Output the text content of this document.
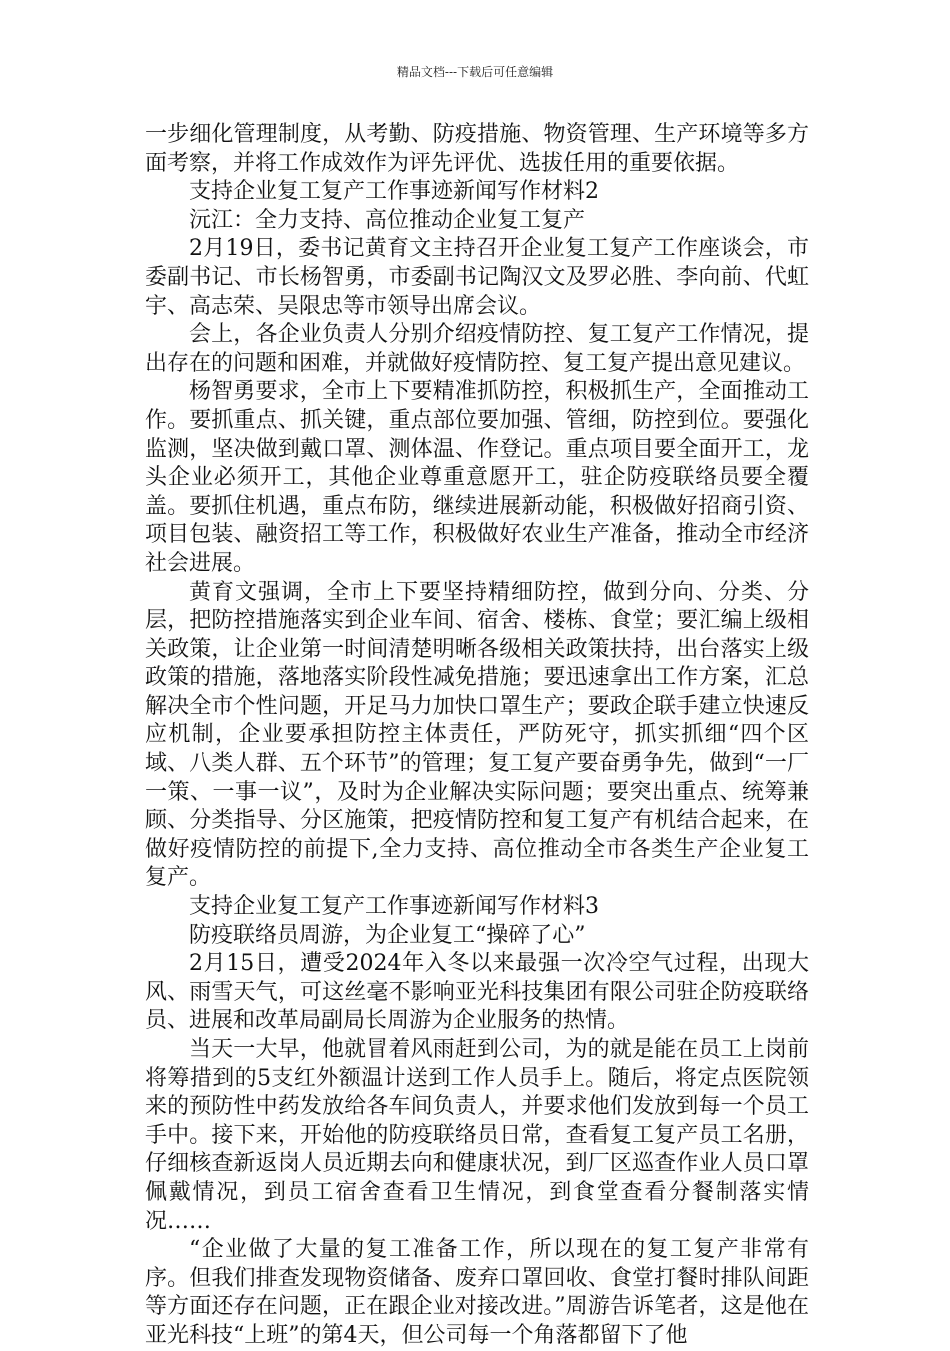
精品文档---下载后可任意编辑

一步细化管理制度，从考勤、防疫措施、物资管理、生产环境等多方面考察，并将工作成效作为评先评优、选拔任用的重要依据。

支持企业复工复产工作事迹新闻写作材料2

沅江：全力支持、高位推动企业复工复产

2月19日，委书记黄育文主持召开企业复工复产工作座谈会，市委副书记、市长杨智勇，市委副书记陶汉文及罗必胜、李向前、代虹宇、高志荣、吴限忠等市领导出席会议。

会上，各企业负责人分别介绍疫情防控、复工复产工作情况，提出存在的问题和困难，并就做好疫情防控、复工复产提出意见建议。

杨智勇要求，全市上下要精准抓防控，积极抓生产，全面推动工作。要抓重点、抓关键，重点部位要加强、管细，防控到位。要强化监测，坚决做到戴口罩、测体温、作登记。重点项目要全面开工，龙头企业必须开工，其他企业尊重意愿开工，驻企防疫联络员要全覆盖。要抓住机遇，重点布防，继续进展新动能，积极做好招商引资、项目包装、融资招工等工作，积极做好农业生产准备，推动全市经济社会进展。

黄育文强调，全市上下要坚持精细防控，做到分向、分类、分层，把防控措施落实到企业车间、宿舍、楼栋、食堂；要汇编上级相关政策，让企业第一时间清楚明晰各级相关政策扶持，出台落实上级政策的措施，落地落实阶段性减免措施；要迅速拿出工作方案，汇总解决全市个性问题，开足马力加快口罩生产；要政企联手建立快速反应机制，企业要承担防控主体责任，严防死守，抓实抓细“四个区域、八类人群、五个环节”的管理；复工复产要奋勇争先，做到“一厂一策、一事一议”，及时为企业解决实际问题；要突出重点、统筹兼顾、分类指导、分区施策，把疫情防控和复工复产有机结合起来，在做好疫情防控的前提下,全力支持、高位推动全市各类生产企业复工复产。

支持企业复工复产工作事迹新闻写作材料3

防疫联络员周游，为企业复工“操碎了心”

2月15日，遭受2024年入冬以来最强一次冷空气过程，出现大风、雨雪天气，可这丝毫不影响亚光科技集团有限公司驻企防疫联络员、进展和改革局副局长周游为企业服务的热情。

当天一大早，他就冒着风雨赶到公司，为的就是能在员工上岗前将筹措到的5支红外额温计送到工作人员手上。随后，将定点医院领来的预防性中药发放给各车间负责人，并要求他们发放到每一个员工手中。接下来，开始他的防疫联络员日常，查看复工复产员工名册，仔细核查新返岗人员近期去向和健康状况，到厂区巡查作业人员口罩佩戴情况，到员工宿舍查看卫生情况，到食堂查看分餐制落实情况……

“企业做了大量的复工准备工作，所以现在的复工复产非常有序。但我们排查发现物资储备、废弃口罩回收、食堂打餐时排队间距等方面还存在问题，正在跟企业对接改进。”周游告诉笔者，这是他在亚光科技“上班”的第4天，但公司每一个角落都留下了他
